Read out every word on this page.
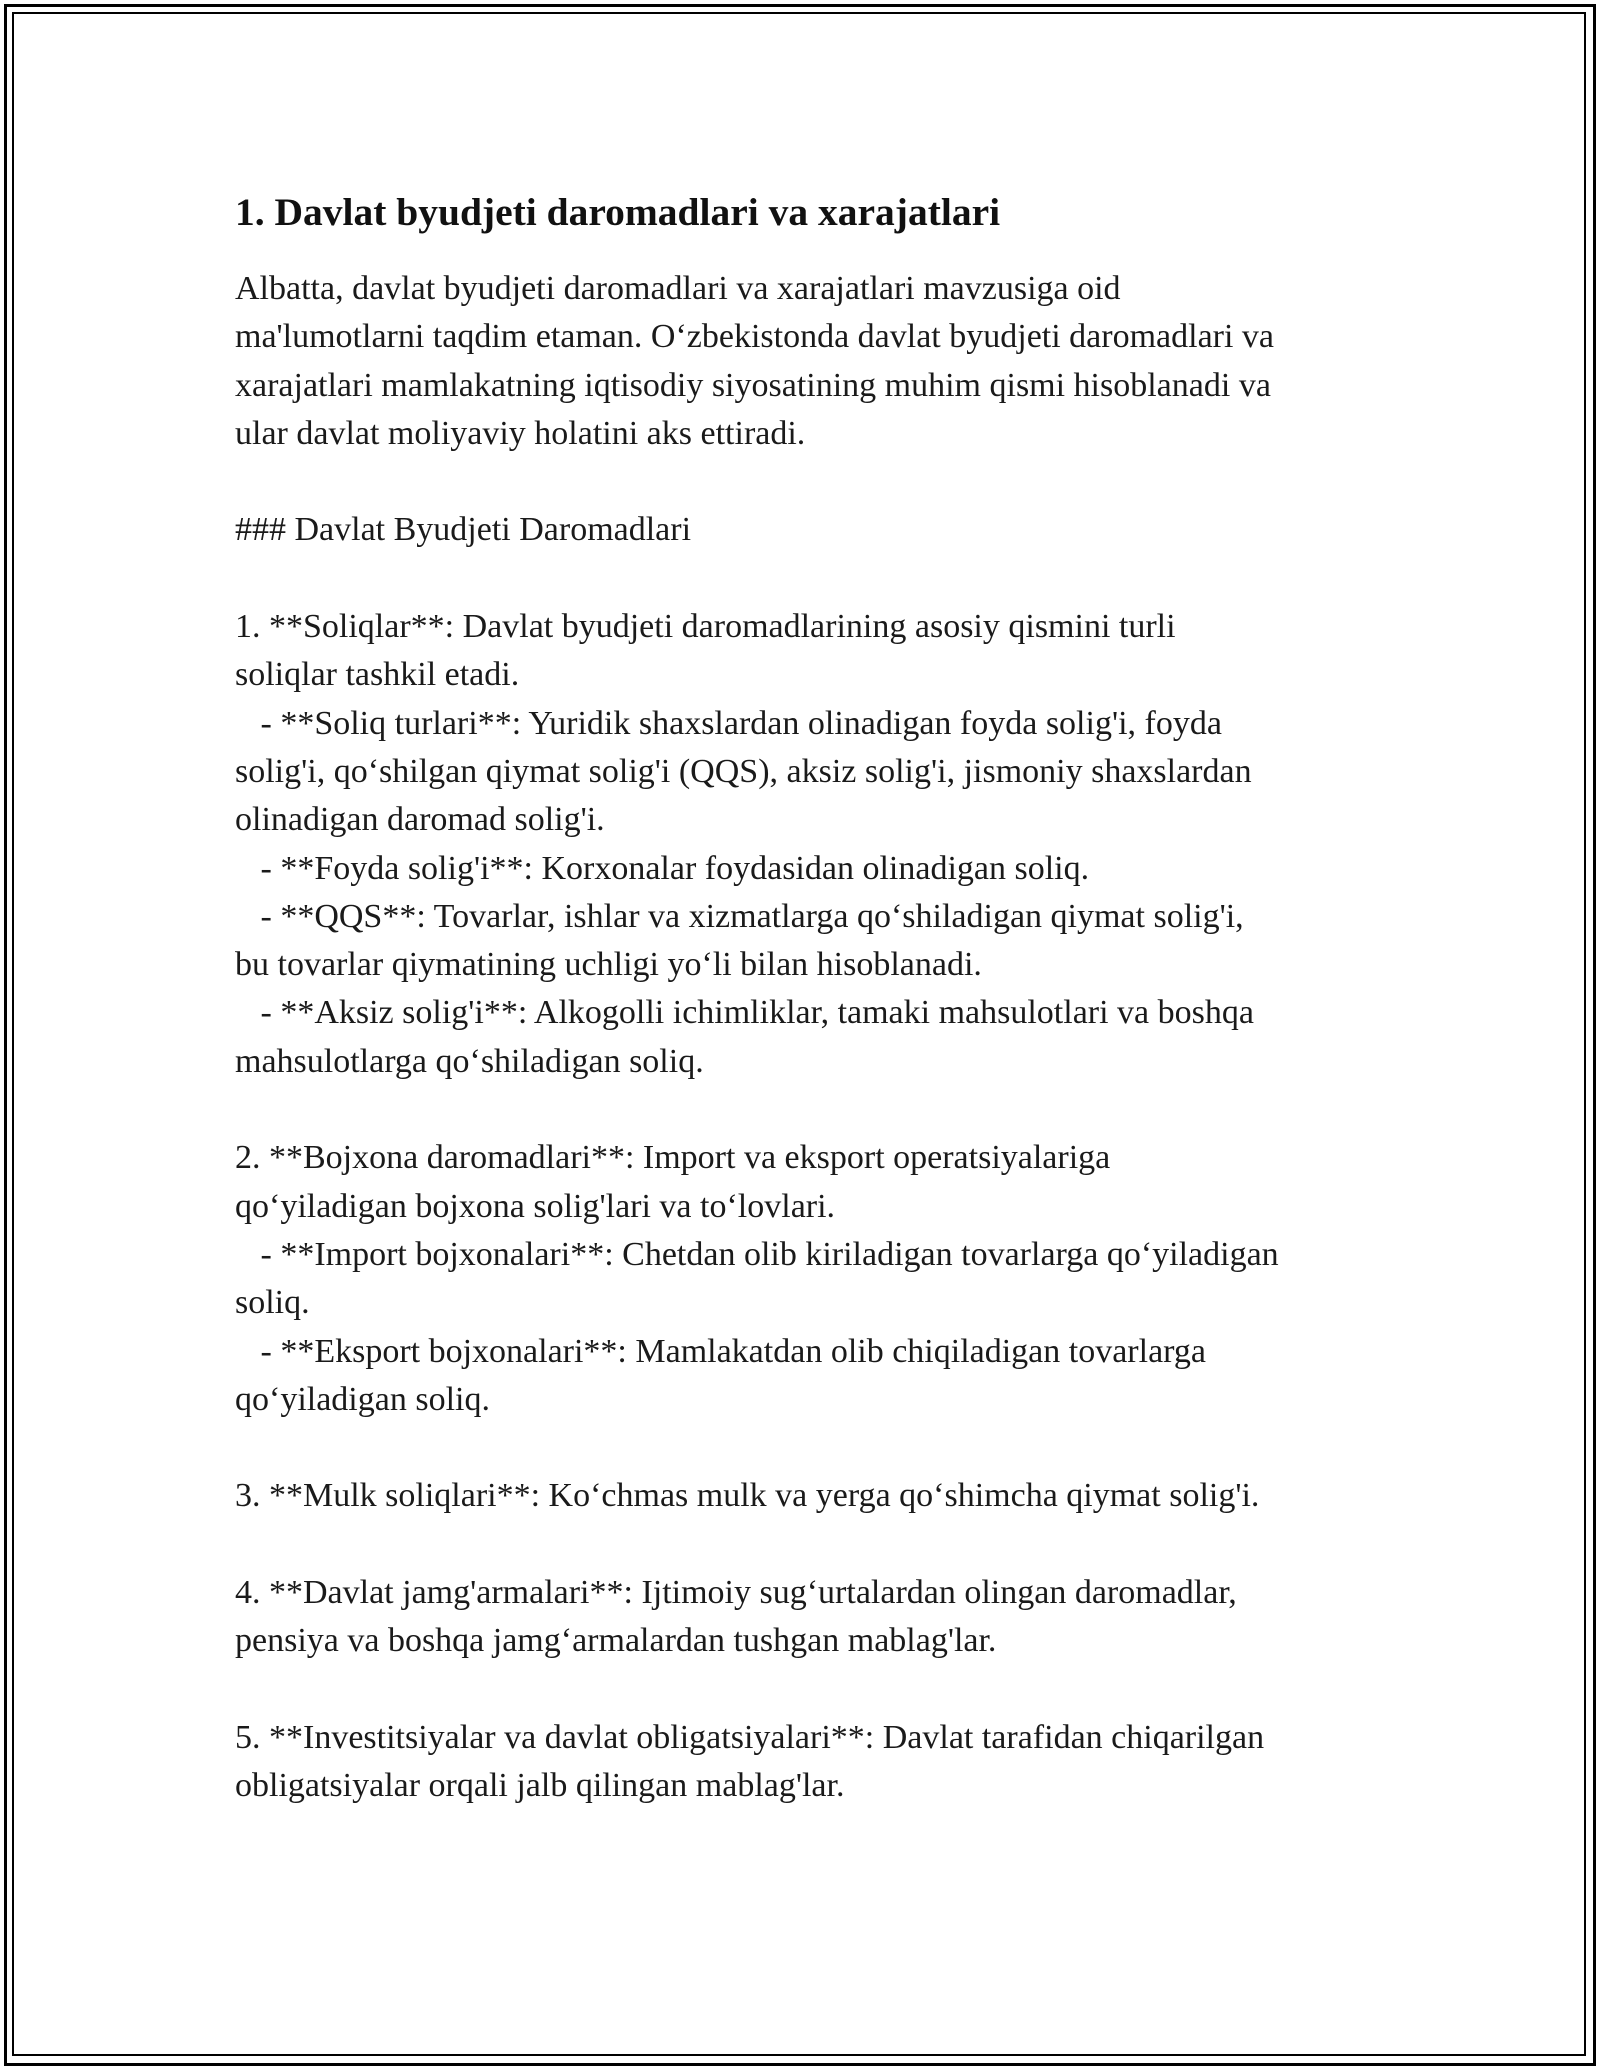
1. Davlat byudjeti daromadlari va xarajatlari
Albatta, davlat byudjeti daromadlari va xarajatlari mavzusiga oid
ma'lumotlarni taqdim etaman. O‘zbekistonda davlat byudjeti daromadlari va
xarajatlari mamlakatning iqtisodiy siyosatining muhim qismi hisoblanadi va
ular davlat moliyaviy holatini aks ettiradi.
### Davlat Byudjeti Daromadlari
1. **Soliqlar**: Davlat byudjeti daromadlarining asosiy qismini turli
soliqlar tashkil etadi.
- **Soliq turlari**: Yuridik shaxslardan olinadigan foyda solig'i, foyda
solig'i, qo‘shilgan qiymat solig'i (QQS), aksiz solig'i, jismoniy shaxslardan
olinadigan daromad solig'i.
- **Foyda solig'i**: Korxonalar foydasidan olinadigan soliq.
- **QQS**: Tovarlar, ishlar va xizmatlarga qo‘shiladigan qiymat solig'i,
bu tovarlar qiymatining uchligi yo‘li bilan hisoblanadi.
- **Aksiz solig'i**: Alkogolli ichimliklar, tamaki mahsulotlari va boshqa
mahsulotlarga qo‘shiladigan soliq.
2. **Bojxona daromadlari**: Import va eksport operatsiyalariga
qo‘yiladigan bojxona solig'lari va to‘lovlari.
- **Import bojxonalari**: Chetdan olib kiriladigan tovarlarga qo‘yiladigan
soliq.
- **Eksport bojxonalari**: Mamlakatdan olib chiqiladigan tovarlarga
qo‘yiladigan soliq.
3. **Mulk soliqlari**: Ko‘chmas mulk va yerga qo‘shimcha qiymat solig'i.
4. **Davlat jamg'armalari**: Ijtimoiy sug‘urtalardan olingan daromadlar,
pensiya va boshqa jamg‘armalardan tushgan mablag'lar.
5. **Investitsiyalar va davlat obligatsiyalari**: Davlat tarafidan chiqarilgan
obligatsiyalar orqali jalb qilingan mablag'lar.
